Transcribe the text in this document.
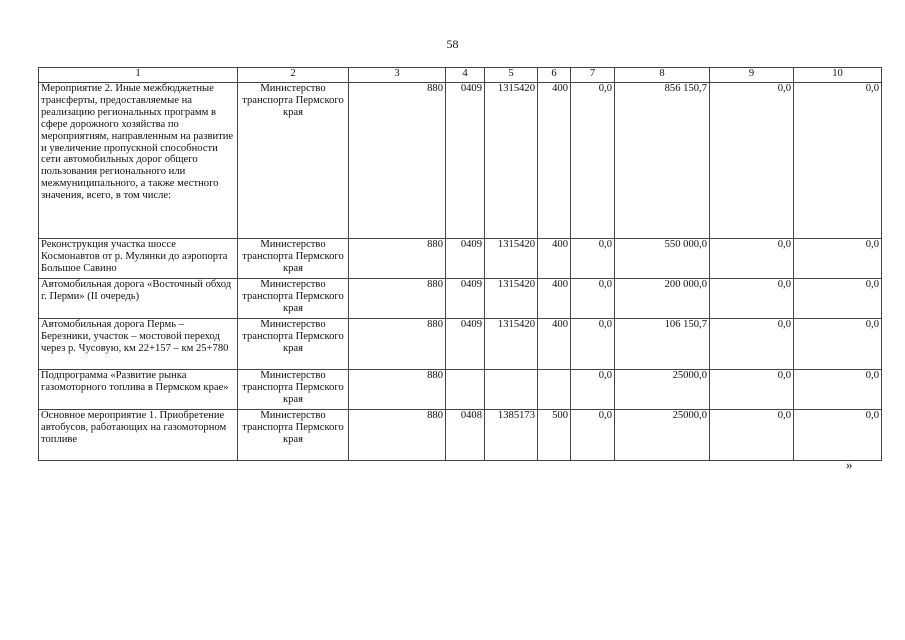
58
1	2	3	4	5	6	7	8	9	10
Мероприятие 2. Иные межбюджетные трансферты, предоставляемые на реализацию региональных программ в сфере дорожного хозяйства по мероприятиям, направленным на развитие и увеличение пропускной способности сети автомобильных дорог общего пользования регионального или межмуниципального, а также местного значения, всего, в том числе:	Министерство транспорта Пермского края	880	0409	1315420	400	0,0	856 150,7	0,0	0,0
Реконструкция участка шоссе Космонавтов от р. Мулянки до аэропорта Большое Савино	Министерство транспорта Пермского края	880	0409	1315420	400	0,0	550 000,0	0,0	0,0
Автомобильная дорога «Восточный обход г. Перми» (II очередь)	Министерство транспорта Пермского края	880	0409	1315420	400	0,0	200 000,0	0,0	0,0
Автомобильная дорога Пермь – Березники, участок – мостовой переход через р. Чусовую, км 22+157 – км 25+780	Министерство транспорта Пермского края	880	0409	1315420	400	0,0	106 150,7	0,0	0,0
Подпрограмма «Развитие рынка газомоторного топлива в Пермском крае»	Министерство транспорта Пермского края	880				0,0	25000,0	0,0	0,0
Основное мероприятие 1. Приобретение автобусов, работающих на газомоторном топливе	Министерство транспорта Пермского края	880	0408	1385173	500	0,0	25000,0	0,0	0,0
»
